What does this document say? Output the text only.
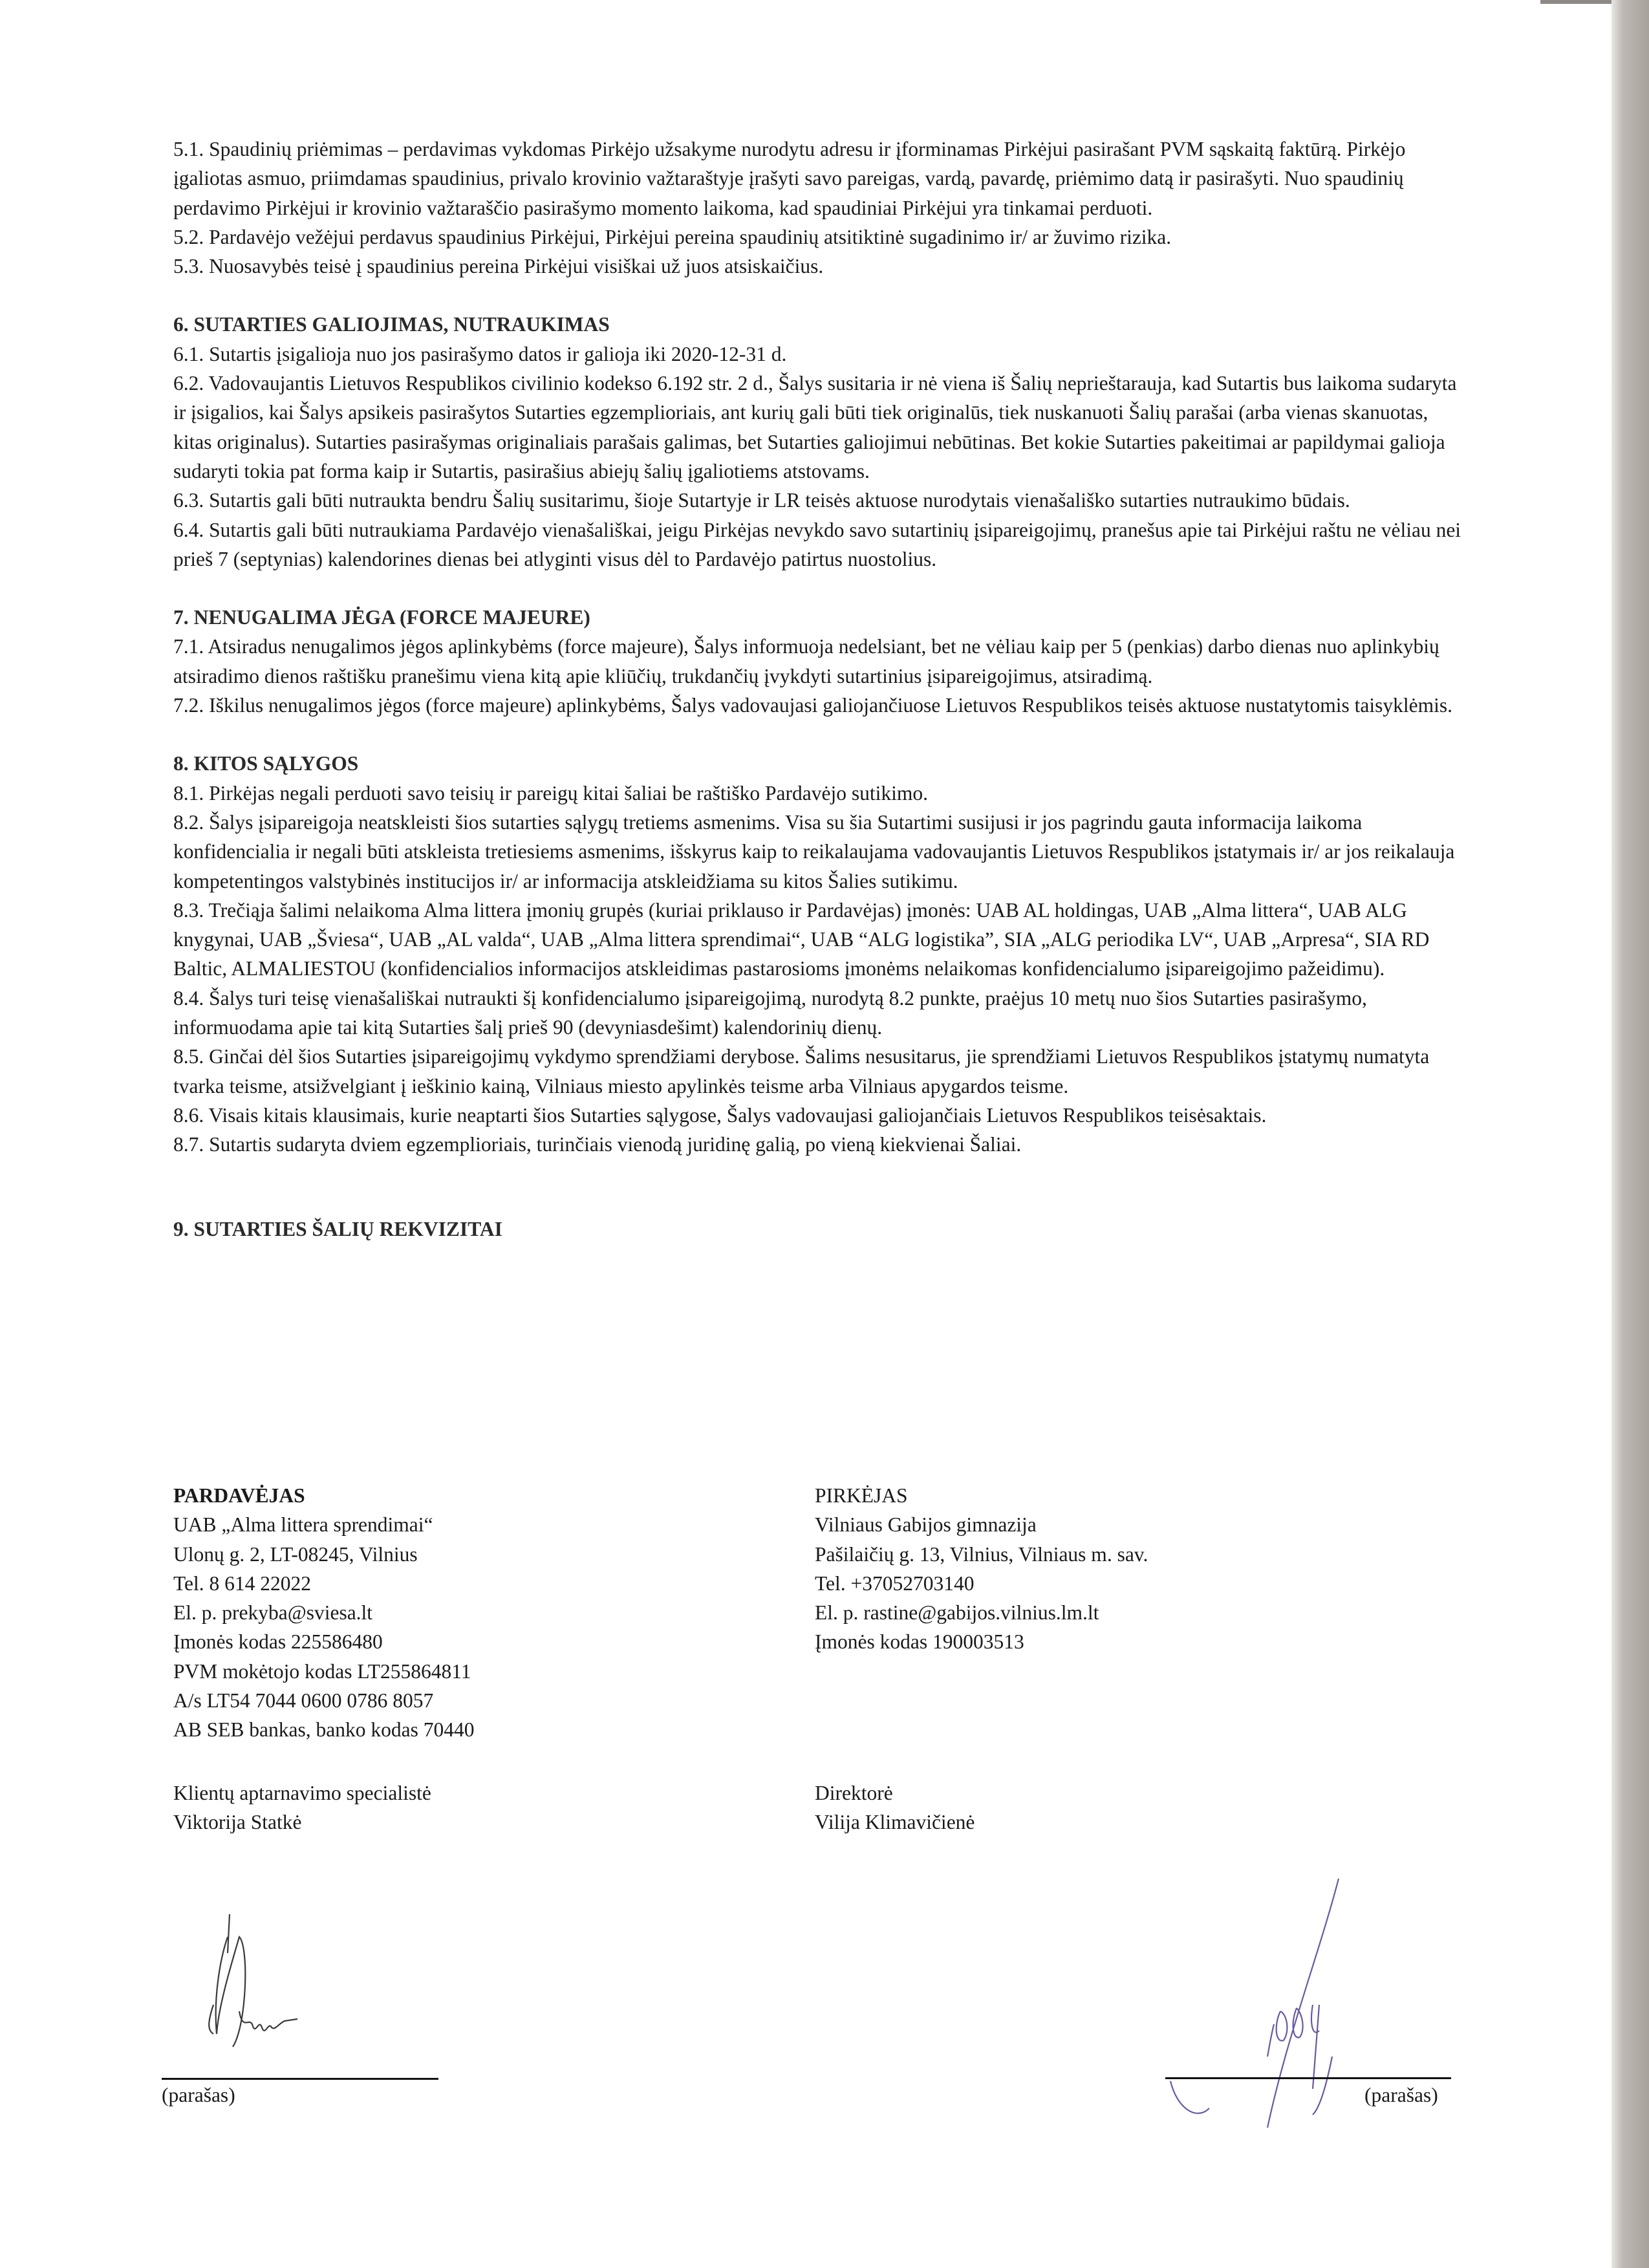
5.1. Spaudinių priėmimas – perdavimas vykdomas Pirkėjo užsakyme nurodytu adresu ir įforminamas Pirkėjui pasirašant PVM sąskaitą faktūrą. Pirkėjo įgaliotas asmuo, priimdamas spaudinius, privalo krovinio važtaraštyje įrašyti savo pareigas, vardą, pavardę, priėmimo datą ir pasirašyti. Nuo spaudinių perdavimo Pirkėjui ir krovinio važtaraščio pasirašymo momento laikoma, kad spaudiniai Pirkėjui yra tinkamai perduoti.

5.2. Pardavėjo vežėjui perdavus spaudinius Pirkėjui, Pirkėjui pereina spaudinių atsitiktinė sugadinimo ir/ ar žuvimo rizika.

5.3. Nuosavybės teisė į spaudinius pereina Pirkėjui visiškai už juos atsiskaičius.

6. SUTARTIES GALIOJIMAS, NUTRAUKIMAS

6.1. Sutartis įsigalioja nuo jos pasirašymo datos ir galioja iki 2020-12-31 d.

6.2. Vadovaujantis Lietuvos Respublikos civilinio kodekso 6.192 str. 2 d., Šalys susitaria ir nė viena iš Šalių neprieštarauja, kad Sutartis bus laikoma sudaryta ir įsigalios, kai Šalys apsikeis pasirašytos Sutarties egzemplioriais, ant kurių gali būti tiek originalūs, tiek nuskanuoti Šalių parašai (arba vienas skanuotas, kitas originalus). Sutarties pasirašymas originaliais parašais galimas, bet Sutarties galiojimui nebūtinas. Bet kokie Sutarties pakeitimai ar papildymai galioja sudaryti tokia pat forma kaip ir Sutartis, pasirašius abiejų šalių įgaliotiems atstovams.

6.3. Sutartis gali būti nutraukta bendru Šalių susitarimu, šioje Sutartyje ir LR teisės aktuose nurodytais vienašališko sutarties nutraukimo būdais.

6.4. Sutartis gali būti nutraukiama Pardavėjo vienašališkai, jeigu Pirkėjas nevykdo savo sutartinių įsipareigojimų, pranešus apie tai Pirkėjui raštu ne vėliau nei prieš 7 (septynias) kalendorines dienas bei atlyginti visus dėl to Pardavėjo patirtus nuostolius.

7. NENUGALIMA JĖGA (FORCE MAJEURE)

7.1. Atsiradus nenugalimos jėgos aplinkybėms (force majeure), Šalys informuoja nedelsiant, bet ne vėliau kaip per 5 (penkias) darbo dienas nuo aplinkybių atsiradimo dienos raštišku pranešimu viena kitą apie kliūčių, trukdančių įvykdyti sutartinius įsipareigojimus, atsiradimą.

7.2. Iškilus nenugalimos jėgos (force majeure) aplinkybėms, Šalys vadovaujasi galiojančiuose Lietuvos Respublikos teisės aktuose nustatytomis taisyklėmis.

8. KITOS SĄLYGOS

8.1. Pirkėjas negali perduoti savo teisių ir pareigų kitai šaliai be raštiško Pardavėjo sutikimo.

8.2. Šalys įsipareigoja neatskleisti šios sutarties sąlygų tretiems asmenims. Visa su šia Sutartimi susijusi ir jos pagrindu gauta informacija laikoma konfidencialia ir negali būti atskleista tretiesiems asmenims, išskyrus kaip to reikalaujama vadovaujantis Lietuvos Respublikos įstatymais ir/ ar jos reikalauja kompetentingos valstybinės institucijos ir/ ar informacija atskleidžiama su kitos Šalies sutikimu.

8.3. Trečiąja šalimi nelaikoma Alma littera įmonių grupės (kuriai priklauso ir Pardavėjas) įmonės: UAB AL holdingas, UAB „Alma littera“, UAB ALG knygynai, UAB „Šviesa“, UAB „AL valda“, UAB „Alma littera sprendimai“, UAB “ALG logistika”, SIA „ALG periodika LV“, UAB „Arpresa“, SIA RD Baltic, ALMALIESTOU (konfidencialios informacijos atskleidimas pastarosioms įmonėms nelaikomas konfidencialumo įsipareigojimo pažeidimu).

8.4. Šalys turi teisę vienašališkai nutraukti šį konfidencialumo įsipareigojimą, nurodytą 8.2 punkte, praėjus 10 metų nuo šios Sutarties pasirašymo, informuodama apie tai kitą Sutarties šalį prieš 90 (devyniasdešimt) kalendorinių dienų.

8.5. Ginčai dėl šios Sutarties įsipareigojimų vykdymo sprendžiami derybose. Šalims nesusitarus, jie sprendžiami Lietuvos Respublikos įstatymų numatyta tvarka teisme, atsižvelgiant į ieškinio kainą, Vilniaus miesto apylinkės teisme arba Vilniaus apygardos teisme.

8.6. Visais kitais klausimais, kurie neaptarti šios Sutarties sąlygose, Šalys vadovaujasi galiojančiais Lietuvos Respublikos teisėsaktais.

8.7. Sutartis sudaryta dviem egzemplioriais, turinčiais vienodą juridinę galią, po vieną kiekvienai Šaliai.

9. SUTARTIES ŠALIŲ REKVIZITAI

PARDAVĖJAS
UAB „Alma littera sprendimai“
Ulonų g. 2, LT-08245, Vilnius
Tel. 8 614 22022
El. p. prekyba@sviesa.lt
Įmonės kodas 225586480
PVM mokėtojo kodas LT255864811
A/s LT54 7044 0600 0786 8057
AB SEB bankas, banko kodas 70440
PIRKĖJAS
Vilniaus Gabijos gimnazija
Pašilaičių g. 13, Vilnius, Vilniaus m. sav.
Tel. +37052703140
El. p. rastine@gabijos.vilnius.lm.lt
Įmonės kodas 190003513
Klientų aptarnavimo specialistė
Viktorija Statkė
Direktorė
Vilija Klimavičienė
(parašas)	(parašas)
